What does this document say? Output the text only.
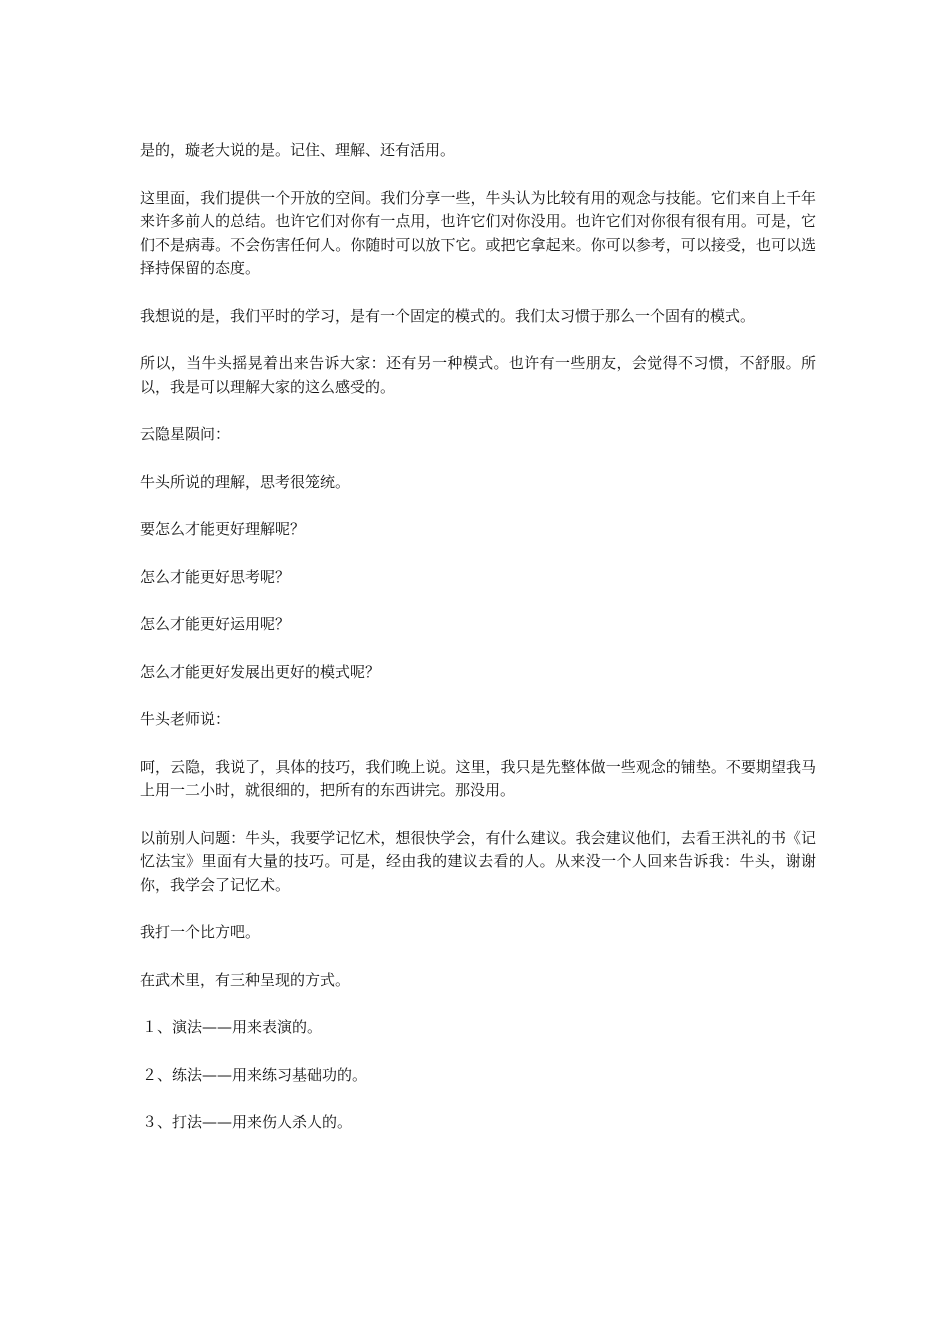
是的，璇老大说的是。记住、理解、还有活用。

这里面，我们提供一个开放的空间。我们分享一些，牛头认为比较有用的观念与技能。它们来自上千年来许多前人的总结。也许它们对你有一点用，也许它们对你没用。也许它们对你很有很有用。可是，它们不是病毒。不会伤害任何人。你随时可以放下它。或把它拿起来。你可以参考，可以接受，也可以选择持保留的态度。

我想说的是，我们平时的学习，是有一个固定的模式的。我们太习惯于那么一个固有的模式。

所以，当牛头摇晃着出来告诉大家：还有另一种模式。也许有一些朋友，会觉得不习惯，不舒服。所以，我是可以理解大家的这么感受的。

云隐星陨问：

牛头所说的理解，思考很笼统。

要怎么才能更好理解呢？

怎么才能更好思考呢？

怎么才能更好运用呢？

怎么才能更好发展出更好的模式呢？

牛头老师说：

呵，云隐，我说了，具体的技巧，我们晚上说。这里，我只是先整体做一些观念的铺垫。不要期望我马上用一二小时，就很细的，把所有的东西讲完。那没用。

以前别人问题：牛头，我要学记忆术，想很快学会，有什么建议。我会建议他们，去看王洪礼的书《记忆法宝》里面有大量的技巧。可是，经由我的建议去看的人。从来没一个人回来告诉我：牛头，谢谢你，我学会了记忆术。

我打一个比方吧。

在武术里，有三种呈现的方式。

１、演法——用来表演的。

２、练法——用来练习基础功的。

３、打法——用来伤人杀人的。
